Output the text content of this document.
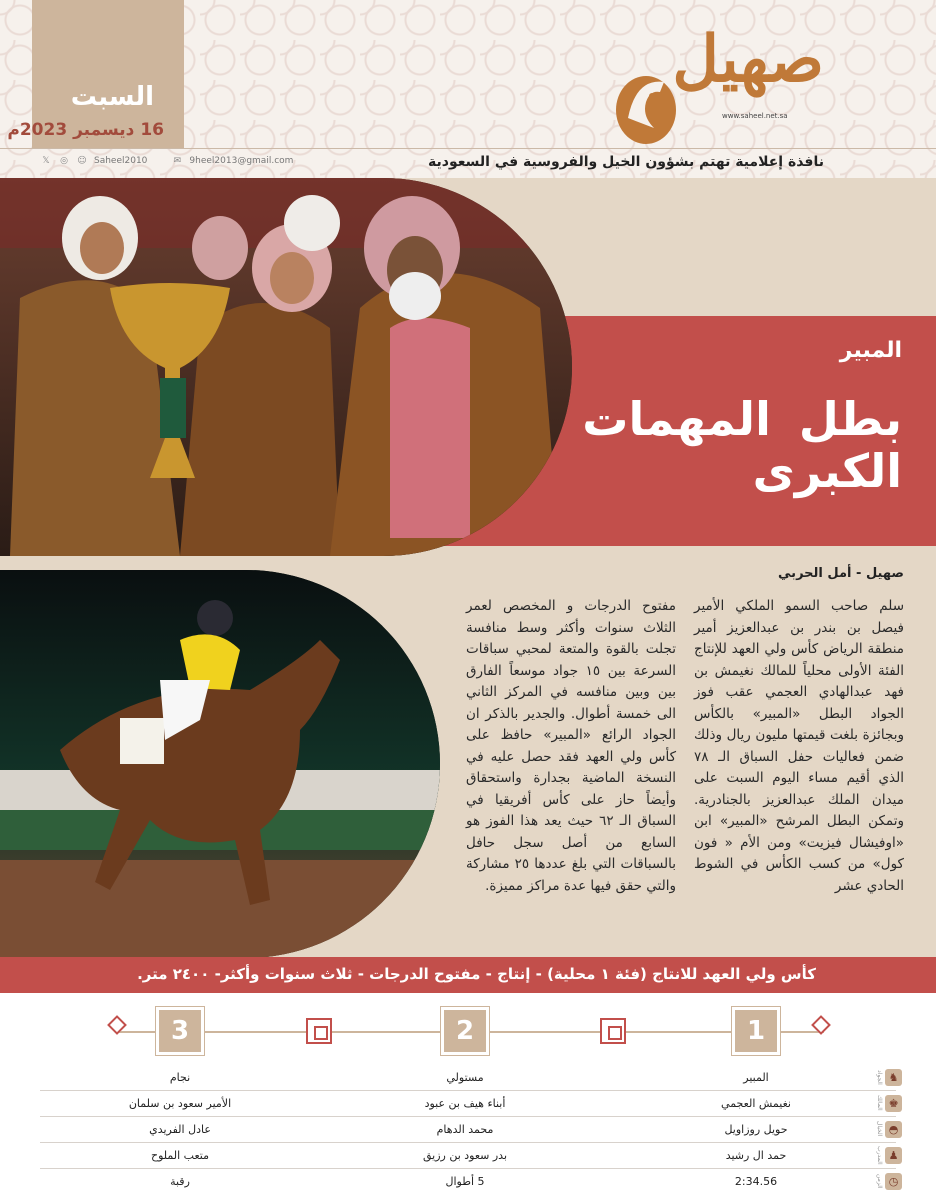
السبت
16 ديسمبر 2023م
صهيل
www.saheel.net.sa
𝕏 ◎ ☺ Saheel2010	✉ 9heel2013@gmail.com	نافذة إعلامية تهتم بشؤون الخيل والفروسية في السعودية
المبير
بطل المهمات
الكبرى
صهيل - أمل الحربي
سلم صاحب السمو الملكي الأمير فيصل بن بندر بن عبدالعزيز أمير منطقة الرياض كأس ولي العهد للإنتاج الفئة الأولى محلياً للمالك نغيمش بن فهد عبدالهادي العجمي عقب فوز الجواد البطل «المبير» بالكأس وبجائزة بلغت قيمتها مليون ريال وذلك ضمن فعاليات حفل السباق الـ ٧٨ الذي أقيم مساء اليوم السبت على ميدان الملك عبدالعزيز بالجنادرية. وتمكن البطل المرشح «المبير» ابن «اوفيشال فيزيت» ومن الأم « فون كول» من كسب الكأس في الشوط الحادي عشر
مفتوح الدرجات و المخصص لعمر الثلاث سنوات وأكثر وسط منافسة تجلت بالقوة والمتعة لمحبي سباقات السرعة بين ١٥ جواد موسعاً الفارق بين وبين منافسه في المركز الثاني الى خمسة أطوال. والجدير بالذكر ان الجواد الرائع «المبير» حافظ على كأس ولي العهد فقد حصل عليه في النسخة الماضية بجدارة واستحقاق وأيضاً حاز على كأس أفريقيا في السباق الـ ٦٢ حيث يعد هذا الفوز هو السابع من أصل سجل حافل بالسباقات التي بلغ عددها ٢٥ مشاركة والتي حقق فيها عدة مراكز مميزة.
كأس ولي العهد للانتاج (فئة ١ محلية) - إنتاج - مفتوح الدرجات - ثلاث سنوات وأكثر- ٢٤٠٠ متر.
1
2
3
الجواد ♞
المالك ♚
الخيال ◓
المدرب ♟
الزمن ◷
المبير
نغيمش العجمي
حويل روزاويل
حمد ال رشيد
2:34.56
مستولي
أبناء هيف بن عبود
محمد الدهام
بدر سعود بن رزيق
5 أطوال
نجام
الأمير سعود بن سلمان
عادل الفريدي
متعب الملوح
رقبة
